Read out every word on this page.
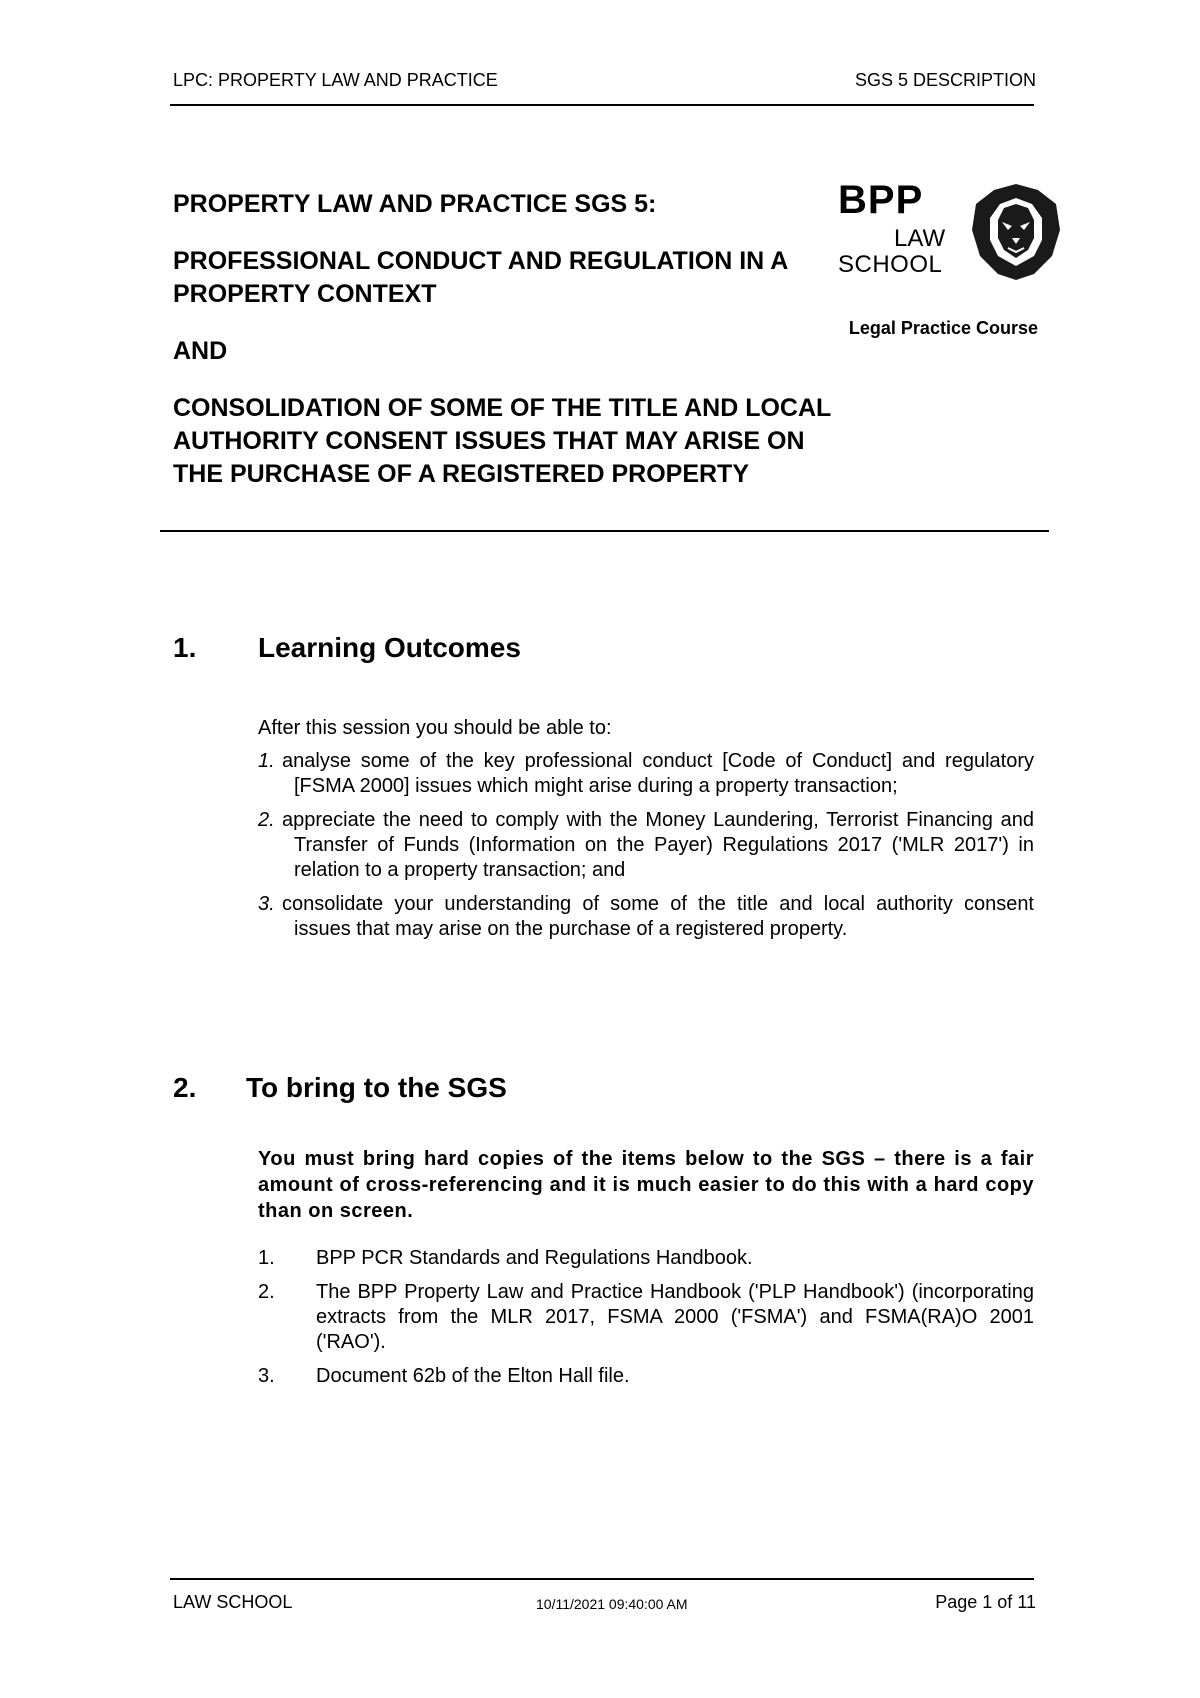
LPC: PROPERTY LAW AND PRACTICE	SGS 5 DESCRIPTION

PROPERTY LAW AND PRACTICE SGS 5:

PROFESSIONAL CONDUCT AND REGULATION IN A PROPERTY CONTEXT

AND

CONSOLIDATION OF SOME OF THE TITLE AND LOCAL AUTHORITY CONSENT ISSUES THAT MAY ARISE ON THE PURCHASE OF A REGISTERED PROPERTY

BPP
LAW
SCHOOL
Legal Practice Course
1. Learning Outcomes

After this session you should be able to:

1. analyse some of the key professional conduct [Code of Conduct] and regulatory [FSMA 2000] issues which might arise during a property transaction;
2. appreciate the need to comply with the Money Laundering, Terrorist Financing and Transfer of Funds (Information on the Payer) Regulations 2017 ('MLR 2017') in relation to a property transaction; and
3. consolidate your understanding of some of the title and local authority consent issues that may arise on the purchase of a registered property.
2. To bring to the SGS
You must bring hard copies of the items below to the SGS – there is a fair amount of cross-referencing and it is much easier to do this with a hard copy than on screen.
1. BPP PCR Standards and Regulations Handbook.
2. The BPP Property Law and Practice Handbook ('PLP Handbook') (incorporating extracts from the MLR 2017, FSMA 2000 ('FSMA') and FSMA(RA)O 2001 ('RAO').
3. Document 62b of the Elton Hall file.
LAW SCHOOL	10/11/2021 09:40:00 AM	Page 1 of 11
